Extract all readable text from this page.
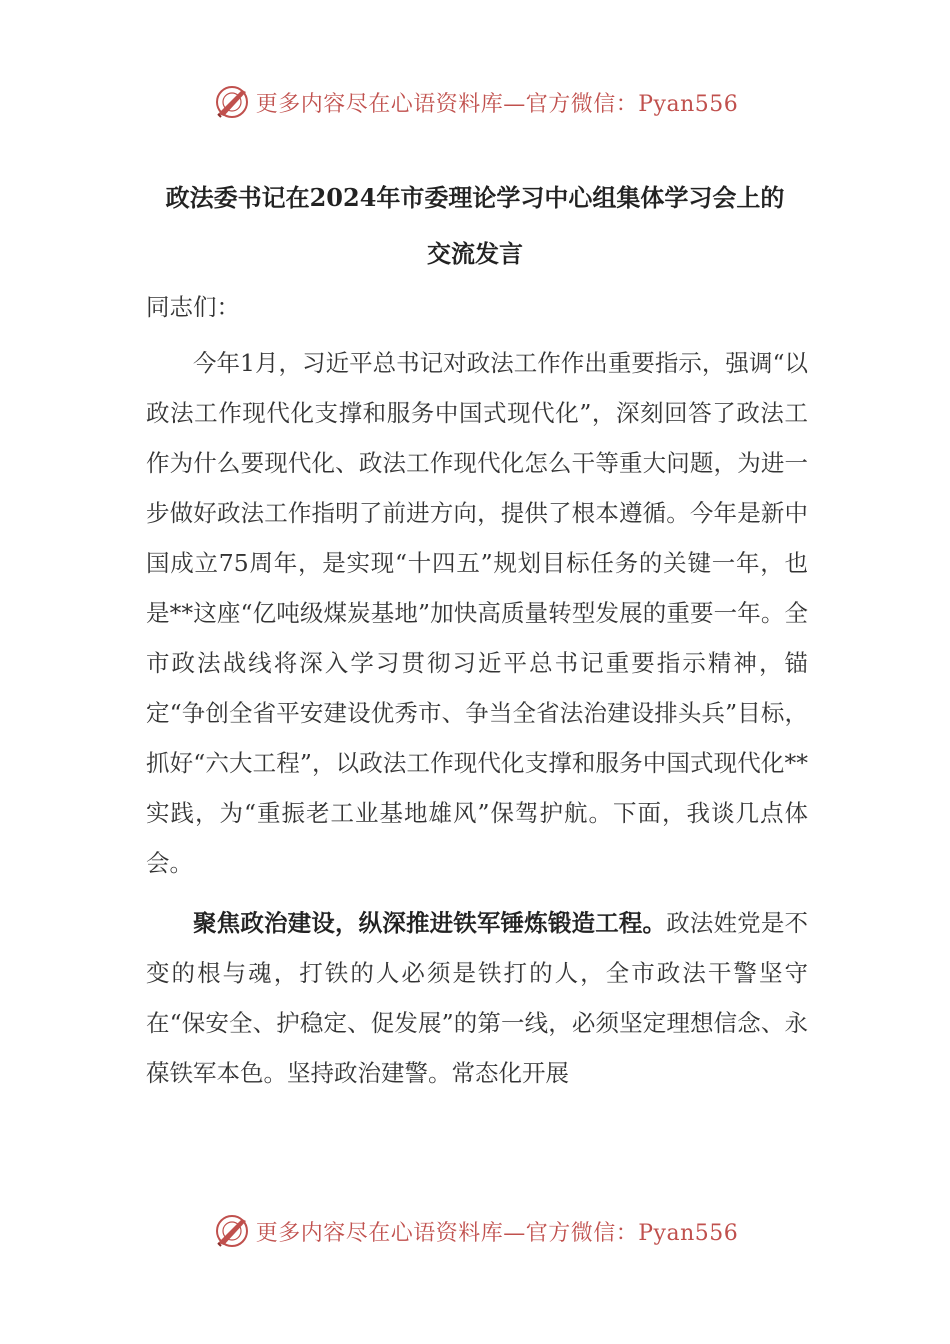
更多内容尽在心语资料库—官方微信：Pyan556
政法委书记在2024年市委理论学习中心组集体学习会上的
交流发言

同志们：

今年1月，习近平总书记对政法工作作出重要指示，强调“以政法工作现代化支撑和服务中国式现代化”，深刻回答了政法工作为什么要现代化、政法工作现代化怎么干等重大问题，为进一步做好政法工作指明了前进方向，提供了根本遵循。今年是新中国成立75周年，是实现“十四五”规划目标任务的关键一年，也是**这座“亿吨级煤炭基地”加快高质量转型发展的重要一年。全市政法战线将深入学习贯彻习近平总书记重要指示精神，锚定“争创全省平安建设优秀市、争当全省法治建设排头兵”目标，抓好“六大工程”，以政法工作现代化支撑和服务中国式现代化**实践，为“重振老工业基地雄风”保驾护航。下面，我谈几点体会。

聚焦政治建设，纵深推进铁军锤炼锻造工程。政法姓党是不变的根与魂，打铁的人必须是铁打的人，全市政法干警坚守在“保安全、护稳定、促发展”的第一线，必须坚定理想信念、永葆铁军本色。坚持政治建警。常态化开展

更多内容尽在心语资料库—官方微信：Pyan556
